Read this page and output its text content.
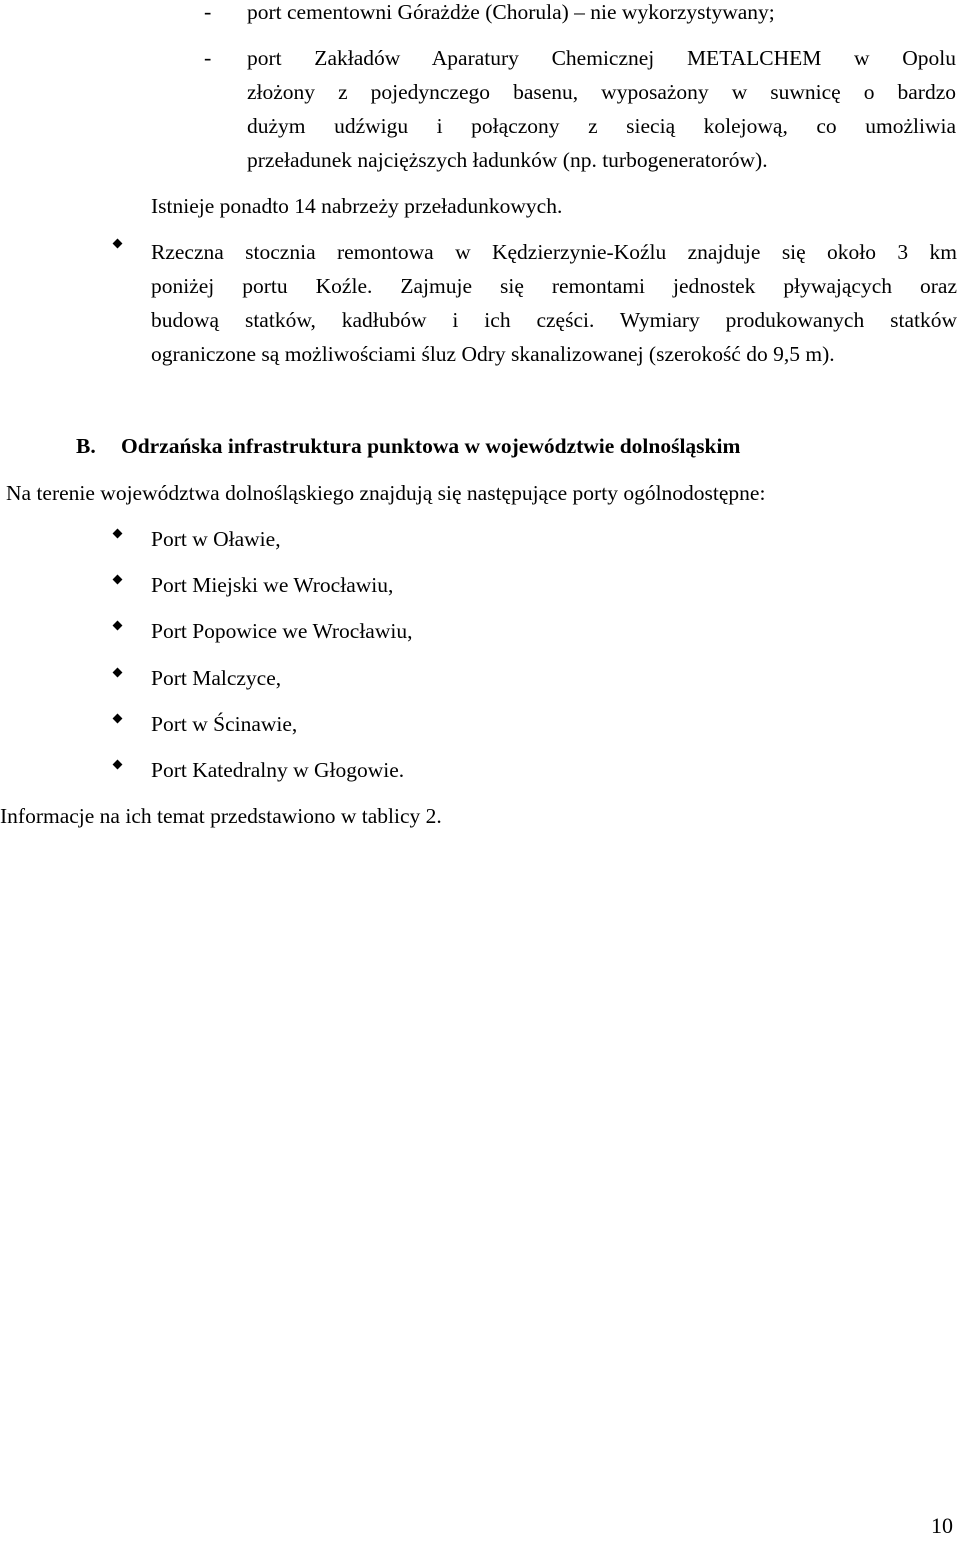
- port cementowni Górażdże (Chorula) – nie wykorzystywany;
- port Zakładów Aparatury Chemicznej METALCHEM w Opolu
złożony z pojedynczego basenu, wyposażony w suwnicę o bardzo
dużym udźwigu i połączony z siecią kolejową, co umożliwia
przeładunek najcięższych ładunków (np. turbogeneratorów).
Istnieje ponadto 14 nabrzeży przeładunkowych.
Rzeczna stocznia remontowa w Kędzierzynie-Koźlu znajduje się około 3 km
poniżej portu Koźle. Zajmuje się remontami jednostek pływających oraz
budową statków, kadłubów i ich części. Wymiary produkowanych statków
ograniczone są możliwościami śluz Odry skanalizowanej (szerokość do 9,5 m).
B. Odrzańska infrastruktura punktowa w województwie dolnośląskim
Na terenie województwa dolnośląskiego znajdują się następujące porty ogólnodostępne:
Port w Oławie,
Port Miejski we Wrocławiu,
Port Popowice we Wrocławiu,
Port Malczyce,
Port w Ścinawie,
Port Katedralny w Głogowie.
Informacje na ich temat przedstawiono w tablicy 2.
10
